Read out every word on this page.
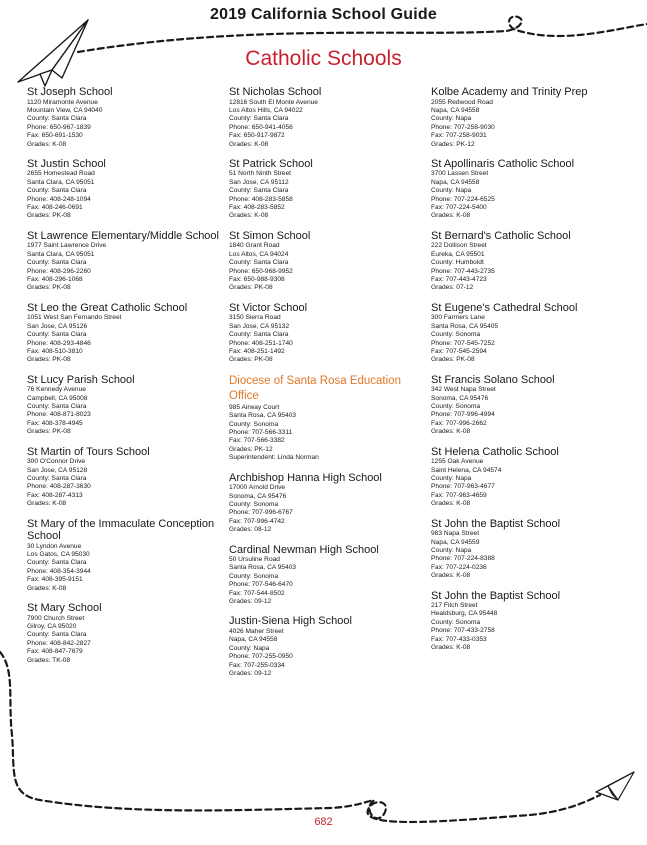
2019 California School Guide
Catholic Schools
St Joseph School
1120 Miramonte Avenue
Mountain View, CA 94040
County: Santa Clara
Phone: 650-967-1839
Fax: 650-691-1530
Grades: K-08
St Justin School
2655 Homestead Road
Santa Clara, CA 95051
County: Santa Clara
Phone: 408-248-1094
Fax: 408-246-0691
Grades: PK-08
St Lawrence Elementary/Middle School
1977 Saint Lawrence Drive
Santa Clara, CA 95051
County: Santa Clara
Phone: 408-296-2260
Fax: 408-296-1068
Grades: PK-08
St Leo the Great Catholic School
1051 West San Fernando Street
San Jose, CA 95126
County: Santa Clara
Phone: 408-293-4846
Fax: 408-510-3810
Grades: PK-08
St Lucy Parish School
76 Kennedy Avenue
Campbell, CA 95008
County: Santa Clara
Phone: 408-871-8023
Fax: 408-378-4945
Grades: PK-08
St Martin of Tours School
300 O'Connor Drive
San Jose, CA 95128
County: Santa Clara
Phone: 408-287-3630
Fax: 408-287-4313
Grades: K-08
St Mary of the Immaculate Conception School
30 Lyndon Avenue
Los Gatos, CA 95030
County: Santa Clara
Phone: 408-354-3944
Fax: 408-395-9151
Grades: K-08
St Mary School
7900 Church Street
Gilroy, CA 95020
County: Santa Clara
Phone: 408-842-2827
Fax: 408-847-7679
Grades: TK-08
St Nicholas School
12816 South El Monte Avenue
Los Altos Hills, CA 94022
County: Santa Clara
Phone: 650-941-4056
Fax: 650-917-9872
Grades: K-08
St Patrick School
51 North Ninth Street
San Jose, CA 95112
County: Santa Clara
Phone: 408-283-5858
Fax: 408-283-5852
Grades: K-08
St Simon School
1840 Grant Road
Los Altos, CA 94024
County: Santa Clara
Phone: 650-968-9952
Fax: 650-988-9308
Grades: PK-08
St Victor School
3150 Sierra Road
San Jose, CA 95132
County: Santa Clara
Phone: 408-251-1740
Fax: 408-251-1492
Grades: PK-08
Diocese of Santa Rosa Education Office
985 Airway Court
Santa Rosa, CA 95403
County: Sonoma
Phone: 707-566-3311
Fax: 707-566-3382
Grades: PK-12
Superintendent: Linda Norman
Archbishop Hanna High School
17000 Arnold Drive
Sonoma, CA 95476
County: Sonoma
Phone: 707-996-6767
Fax: 707-996-4742
Grades: 08-12
Cardinal Newman High School
50 Ursuline Road
Santa Rosa, CA 95403
County: Sonoma
Phone: 707-546-6470
Fax: 707-544-8502
Grades: 09-12
Justin-Siena High School
4026 Maher Street
Napa, CA 94558
County: Napa
Phone: 707-255-0950
Fax: 707-255-0334
Grades: 09-12
Kolbe Academy and Trinity Prep
2055 Redwood Road
Napa, CA 94558
County: Napa
Phone: 707-258-9030
Fax: 707-258-9031
Grades: PK-12
St Apollinaris Catholic School
3700 Lassen Street
Napa, CA 94558
County: Napa
Phone: 707-224-6525
Fax: 707-224-5400
Grades: K-08
St Bernard's Catholic School
222 Dollison Street
Eureka, CA 95501
County: Humboldt
Phone: 707-443-2735
Fax: 707-443-4723
Grades: 07-12
St Eugene's Cathedral School
300 Farmers Lane
Santa Rosa, CA 95405
County: Sonoma
Phone: 707-545-7252
Fax: 707-545-2594
Grades: PK-08
St Francis Solano School
342 West Napa Street
Sonoma, CA 95476
County: Sonoma
Phone: 707-996-4994
Fax: 707-996-2662
Grades: K-08
St Helena Catholic School
1255 Oak Avenue
Saint Helena, CA 94574
County: Napa
Phone: 707-963-4677
Fax: 707-963-4659
Grades: K-08
St John the Baptist School
983 Napa Street
Napa, CA 94559
County: Napa
Phone: 707-224-8388
Fax: 707-224-0236
Grades: K-08
St John the Baptist School
217 Fitch Street
Healdsburg, CA 95448
County: Sonoma
Phone: 707-433-2758
Fax: 707-433-0353
Grades: K-08
682
